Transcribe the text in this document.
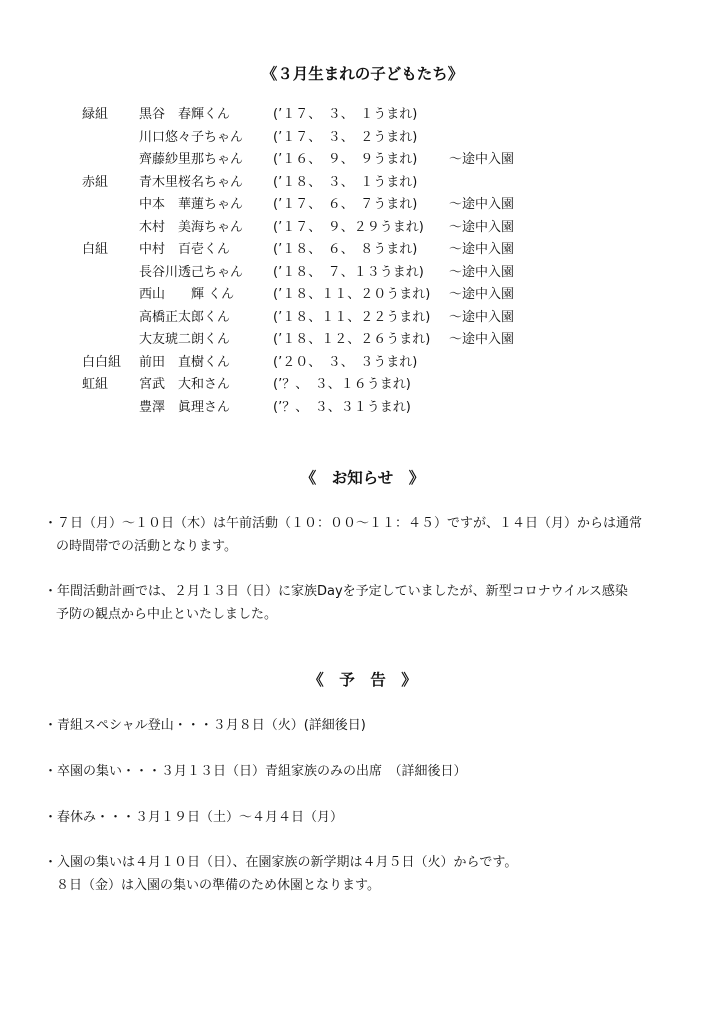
《３月生まれの子どもたち》
緑組 黒谷　春輝くん	(’１７、　３、　１うまれ)
川口悠々子ちゃん (’１７、　３、　２うまれ)
齊藤紗里那ちゃん (’１６、　９、　９うまれ) ～途中入園
赤組 青木里桜名ちゃん (’１８、　３、　１うまれ)
中本　華蓮ちゃん (’１７、　６、　７うまれ) ～途中入園
木村　美海ちゃん (’１７、　９、２９うまれ) ～途中入園
白組 中村　百壱くん	(’１８、　６、　８うまれ) ～途中入園
長谷川透己ちゃん (’１８、　７、１３うまれ) ～途中入園
西山　　輝 くん	(’１８、１１、２０うまれ) ～途中入園
高橋正太郎くん	(’１８、１１、２２うまれ) ～途中入園
大友琥二朗くん	(’１８、１２、２６うまれ) ～途中入園
白白組 前田　直樹くん	(’２０、　３、　３うまれ)
虹組 宮武　大和さん	(’？、　３、１６うまれ)
豊澤　眞理さん	(’？、　３、３１うまれ)
《　お知らせ　》

・７日（月）～１０日（木）は午前活動（１０：００～１１：４５）ですが、１４日（月）からは通常

の時間帯での活動となります。

・年間活動計画では、２月１３日（日）に家族Dayを予定していましたが、新型コロナウイルス感染

予防の観点から中止といたしました。

《　予　告　》

・青組スペシャル登山・・・３月８日（火）(詳細後日)

・卒園の集い・・・３月１３日（日）青組家族のみの出席　（詳細後日）

・春休み・・・３月１９日（土）～４月４日（月）

・入園の集いは４月１０日（日）、在園家族の新学期は４月５日（火）からです。

８日（金）は入園の集いの準備のため休園となります。
